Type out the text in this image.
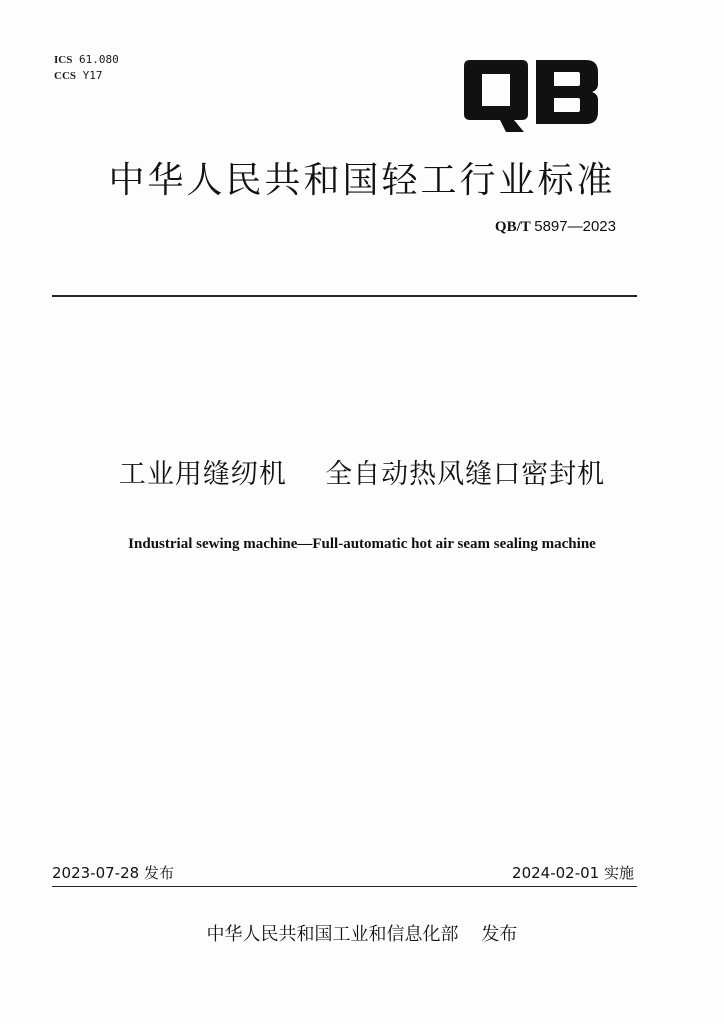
ICS 61.080
CCS Y17
中华人民共和国轻工行业标准
QB/T 5897—2023
工业用缝纫机    全自动热风缝口密封机
Industrial sewing machine—Full-automatic hot air seam sealing machine
2023-07-28 发布	2024-02-01 实施
中华人民共和国工业和信息化部    发布
